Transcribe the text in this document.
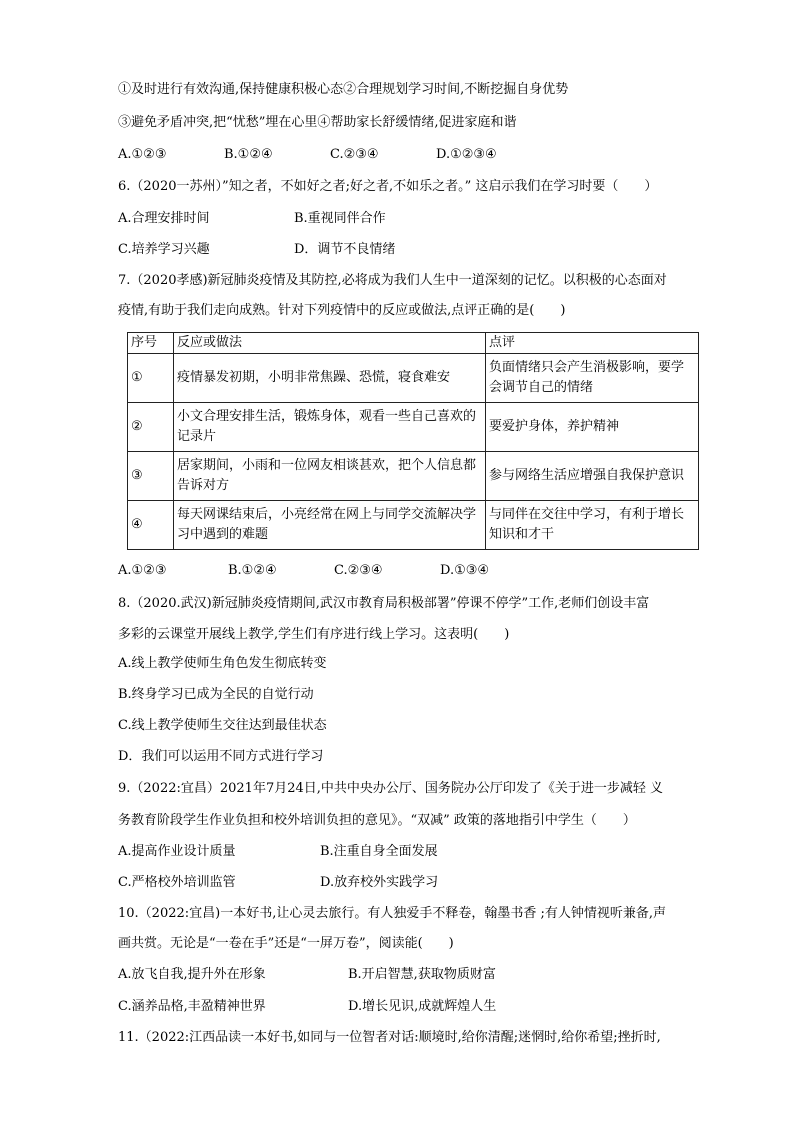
①及时进行有效沟通,保持健康积极心态②合理规划学习时间,不断挖掘自身优势
③避免矛盾冲突,把“忧愁”埋在心里④帮助家长舒缓情绪,促进家庭和谐
A.①②③	B.①②④	C.②③④	D.①②③④
6.（2020一苏州）”知之者，不如好之者;好之者,不如乐之者。” 这启示我们在学习时要（　　）
A.合理安排时间	B.重视同伴合作
C.培养学习兴趣	D．调节不良情绪
7.（2020孝感)新冠肺炎疫情及其防控,必将成为我们人生中一道深刻的记忆。以积极的心态面对
疫情,有助于我们走向成熟。针对下列疫情中的反应或做法,点评正确的是(　　)
序号	反应或做法	点评
①	疫情暴发初期，小明非常焦躁、恐慌，寝食难安	负面情绪只会产生消极影响，要学会调节自己的情绪
②	小文合理安排生活，锻炼身体，观看一些自己喜欢的记录片	要爱护身体，养护精神
③	居家期间，小雨和一位网友相谈甚欢，把个人信息都告诉对方	参与网络生活应增强自我保护意识
④	每天网课结束后，小亮经常在网上与同学交流解决学习中遇到的难题	与同伴在交往中学习，有利于增长知识和才干
A.①②③	B.①②④	C.②③④	D.①③④
8.（2020.武汉)新冠肺炎疫情期间,武汉市教育局积极部署”停课不停学”工作,老师们创设丰富
多彩的云课堂开展线上教学,学生们有序进行线上学习。这表明(　　)
A.线上教学使师生角色发生彻底转变
B.终身学习已成为全民的自觉行动
C.线上教学使师生交往达到最佳状态
D．我们可以运用不同方式进行学习
9.（2022:宜昌）2021年7月24日,中共中央办公厅、国务院办公厅印发了《关于进一步减轻 义
务教育阶段学生作业负担和校外培训负担的意见》。“双减” 政策的落地指引中学生（　　）
A.提高作业设计质量	B.注重自身全面发展
C.严格校外培训监管	D.放弃校外实践学习
10.（2022:宜昌)一本好书,让心灵去旅行。有人独爱手不释卷，翰墨书香 ;有人钟情视听兼备,声
画共赏。无论是“一卷在手”还是“一屏万卷”，阅读能(　　)
A.放飞自我,提升外在形象	B.开启智慧,获取物质财富
C.涵养品格,丰盈精神世界	D.增长见识,成就辉煌人生
11.（2022:江西品读一本好书,如同与一位智者对话:顺境时,给你清醒;迷惘时,给你希望;挫折时,
